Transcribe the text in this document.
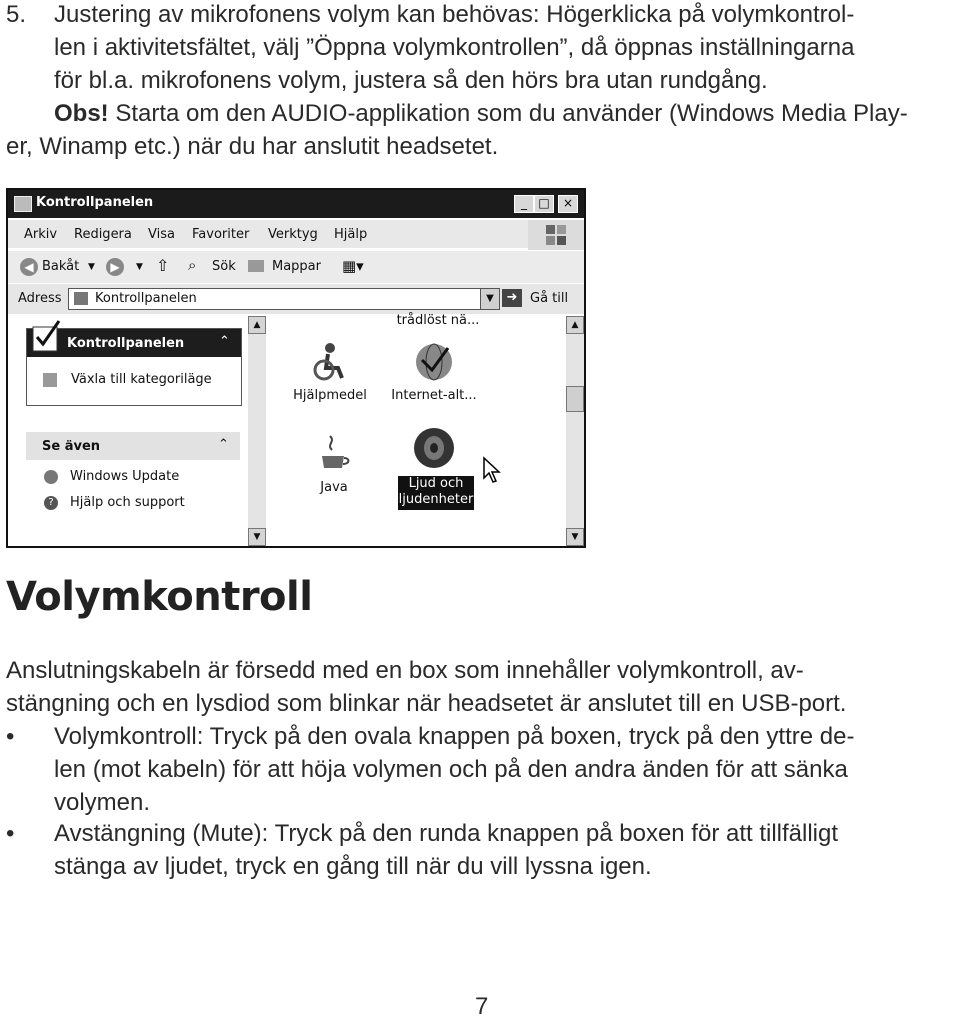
5. Justering av mikrofonens volym kan behövas: Högerklicka på volymkontrol-
len i aktivitetsfältet, välj ”Öppna volymkontrollen”, då öppnas inställningarna
för bl.a. mikrofonens volym, justera så den hörs bra utan rundgång.
Obs! Starta om den AUDIO-applikation som du använder (Windows Media Play-
er, Winamp etc.) när du har anslutit headsetet.
Kontrollpanelen	_ □	×
Arkiv Redigera Visa Favoriter Verktyg Hjälp
◀ Bakåt ▼	▶	▼ ⇧ ⌕ Sök	Mappar ▦▾
Adress	Kontrollpanelen	▼ ➜ Gå till
Kontrollpanelen	⌃
Växla till kategoriläge
Se även	⌃
Windows Update
?	Hjälp och support
▲
▼
trådlöst nä...
Hjälpmedel	Internet-alt...
Java	Ljud och
ljudenheter
▲
▼
Volymkontroll
Anslutningskabeln är försedd med en box som innehåller volymkontroll, av-
stängning och en lysdiod som blinkar när headsetet är anslutet till en USB-port.
• Volymkontroll: Tryck på den ovala knappen på boxen, tryck på den yttre de-
len (mot kabeln) för att höja volymen och på den andra änden för att sänka
volymen.
• Avstängning (Mute): Tryck på den runda knappen på boxen för att tillfälligt
stänga av ljudet, tryck en gång till när du vill lyssna igen.
7
